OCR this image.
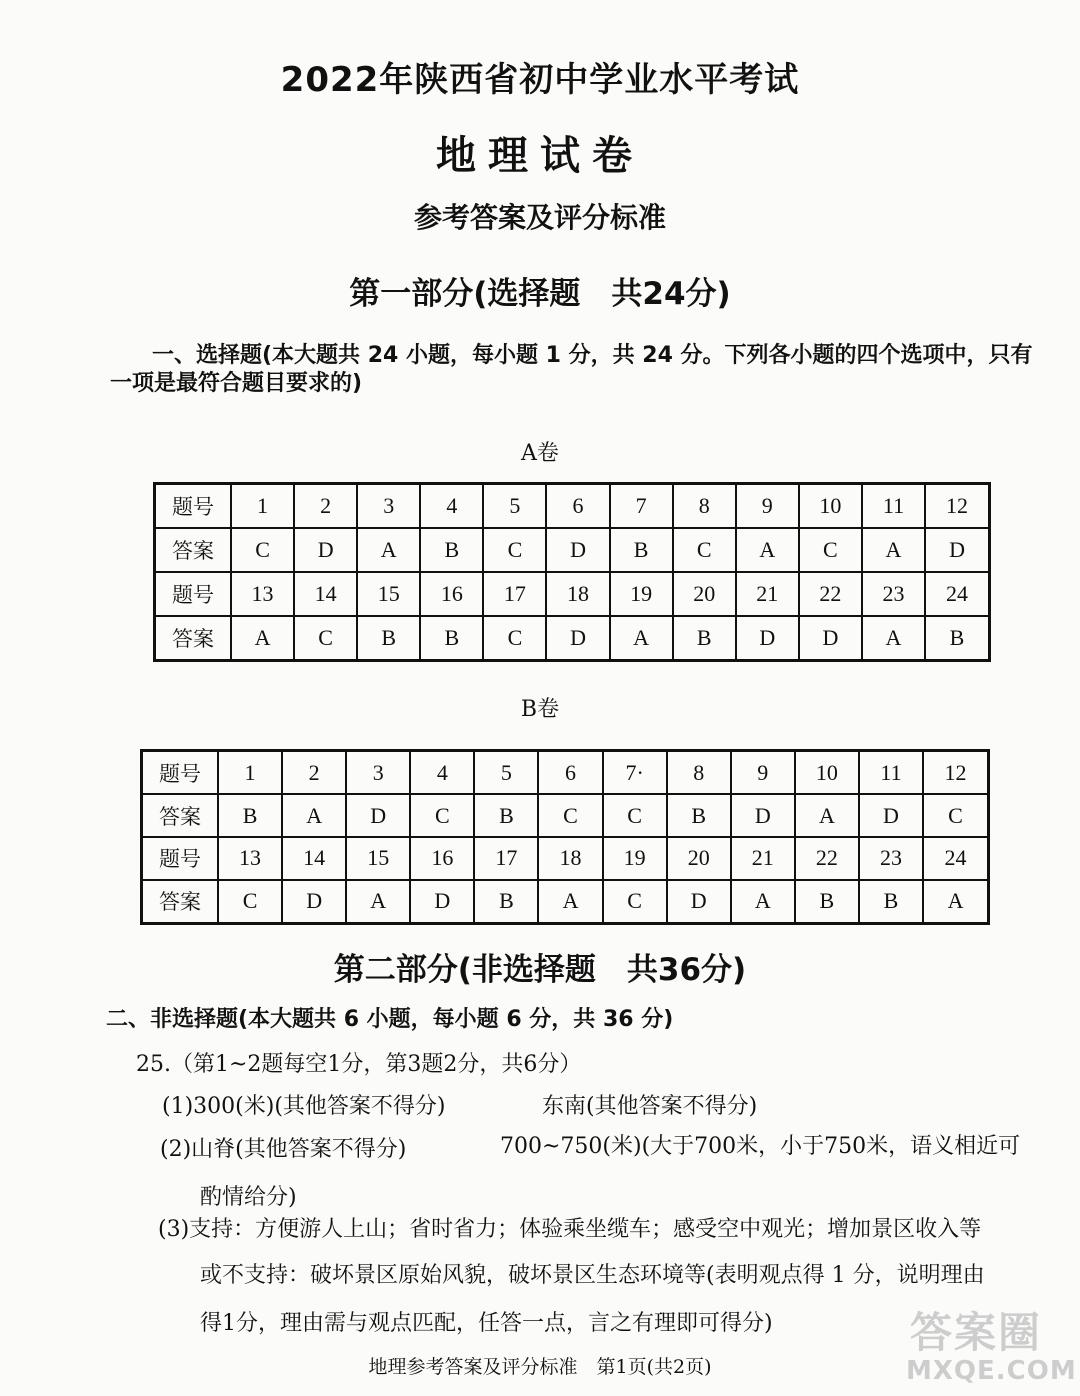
2022年陕西省初中学业水平考试
地理试卷
参考答案及评分标准
第一部分(选择题　共24分)
一、选择题(本大题共 24 小题，每小题 1 分，共 24 分。下列各小题的四个选项中，只有
一项是最符合题目要求的)
A卷
题号	1	2	3	4	5	6	7	8	9	10	11	12
答案	C	D	A	B	C	D	B	C	A	C	A	D
题号	13	14	15	16	17	18	19	20	21	22	23	24
答案	A	C	B	B	C	D	A	B	D	D	A	B
B卷
题号	1	2	3	4	5	6	7·	8	9	10	11	12
答案	B	A	D	C	B	C	C	B	D	A	D	C
题号	13	14	15	16	17	18	19	20	21	22	23	24
答案	C	D	A	D	B	A	C	D	A	B	B	A
第二部分(非选择题　共36分)
二、非选择题(本大题共 6 小题，每小题 6 分，共 36 分)
25.（第1~2题每空1分，第3题2分，共6分）
(1)300(米)(其他答案不得分)	东南(其他答案不得分)
(2)山脊(其他答案不得分)	700~750(米)(大于700米，小于750米，语义相近可
酌情给分)
(3)支持：方便游人上山；省时省力；体验乘坐缆车；感受空中观光；增加景区收入等
或不支持：破坏景区原始风貌，破坏景区生态环境等(表明观点得 1 分，说明理由
得1分，理由需与观点匹配，任答一点，言之有理即可得分)
地理参考答案及评分标准　第1页(共2页)
答案圈
MXQE.COM
